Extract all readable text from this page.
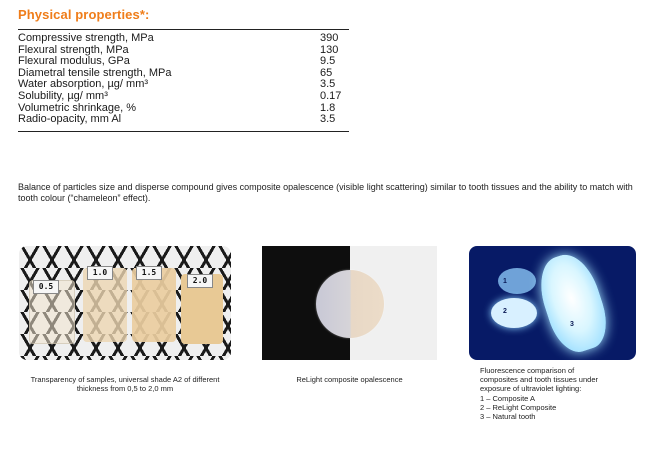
Physical properties*:
Compressive strength, MPa	390
Flexural strength, MPa	130
Flexural modulus, GPa	9.5
Diametral tensile strength, MPa	65
Water absorption, µg/ mm³	3.5
Solubility, µg/ mm³	0.17
Volumetric shrinkage, %	1.8
Radio-opacity, mm Al	3.5
Balance of particles size and disperse compound gives composite opalescence (visible light scattering) similar to tooth tissues and the ability to match with tooth colour (“chameleon” effect).
0.5
1.0	1.5
2.0	1
2
3
Transparency of samples, universal shade A2 of different thickness from 0,5 to 2,0 mm
ReLight composite opalescence
Fluorescence comparison of
composites and tooth tissues under
exposure of ultraviolet lighting:
1 – Composite A
2 – ReLight Composite
3 – Natural tooth
